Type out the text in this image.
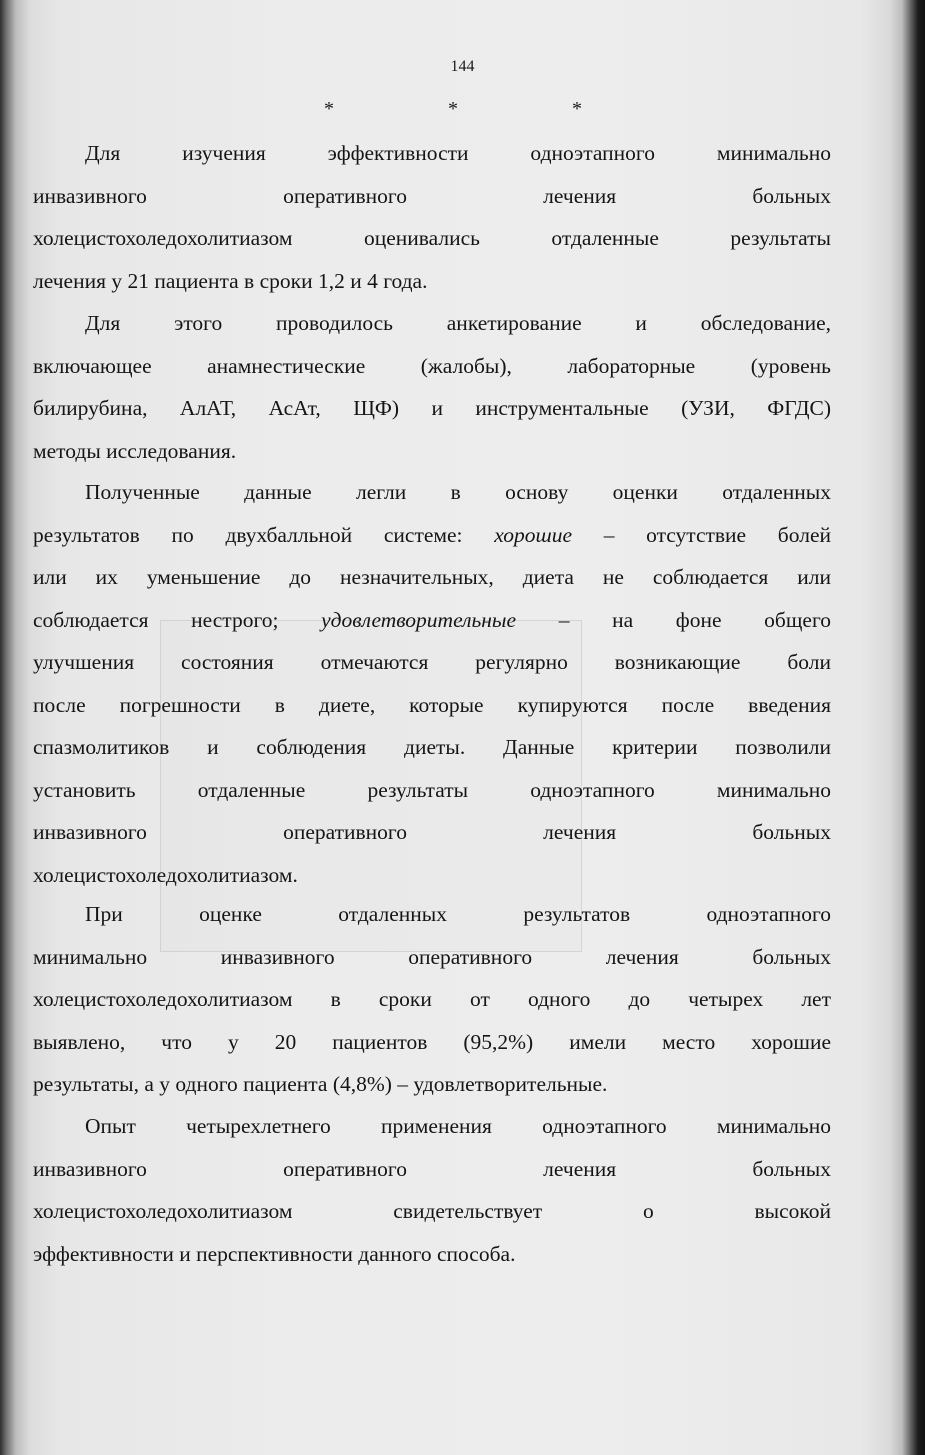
144
*	*	*
Для изучения эффективности одноэтапного минимально
инвазивного оперативного лечения больных
холецистохоледохолитиазом оценивались отдаленные результаты
лечения у 21 пациента в сроки 1,2 и 4 года.
Для этого проводилось анкетирование и обследование,
включающее анамнестические (жалобы), лабораторные (уровень
билирубина, АлАТ, АсАт, ЩФ) и инструментальные (УЗИ, ФГДС)
методы исследования.
Полученные данные легли в основу оценки отдаленных
результатов по двухбалльной системе: хорошие – отсутствие болей
или их уменьшение до незначительных, диета не соблюдается или
соблюдается нестрого; удовлетворительные – на фоне общего
улучшения состояния отмечаются регулярно возникающие боли
после погрешности в диете, которые купируются после введения
спазмолитиков и соблюдения диеты. Данные критерии позволили
установить отдаленные результаты одноэтапного минимально
инвазивного оперативного лечения больных
холецистохоледохолитиазом.
При оценке отдаленных результатов одноэтапного
минимально инвазивного оперативного лечения больных
холецистохоледохолитиазом в сроки от одного до четырех лет
выявлено, что у 20 пациентов (95,2%) имели место хорошие
результаты, а у одного пациента (4,8%) – удовлетворительные.
Опыт четырехлетнего применения одноэтапного минимально
инвазивного оперативного лечения больных
холецистохоледохолитиазом свидетельствует о высокой
эффективности и перспективности данного способа.
